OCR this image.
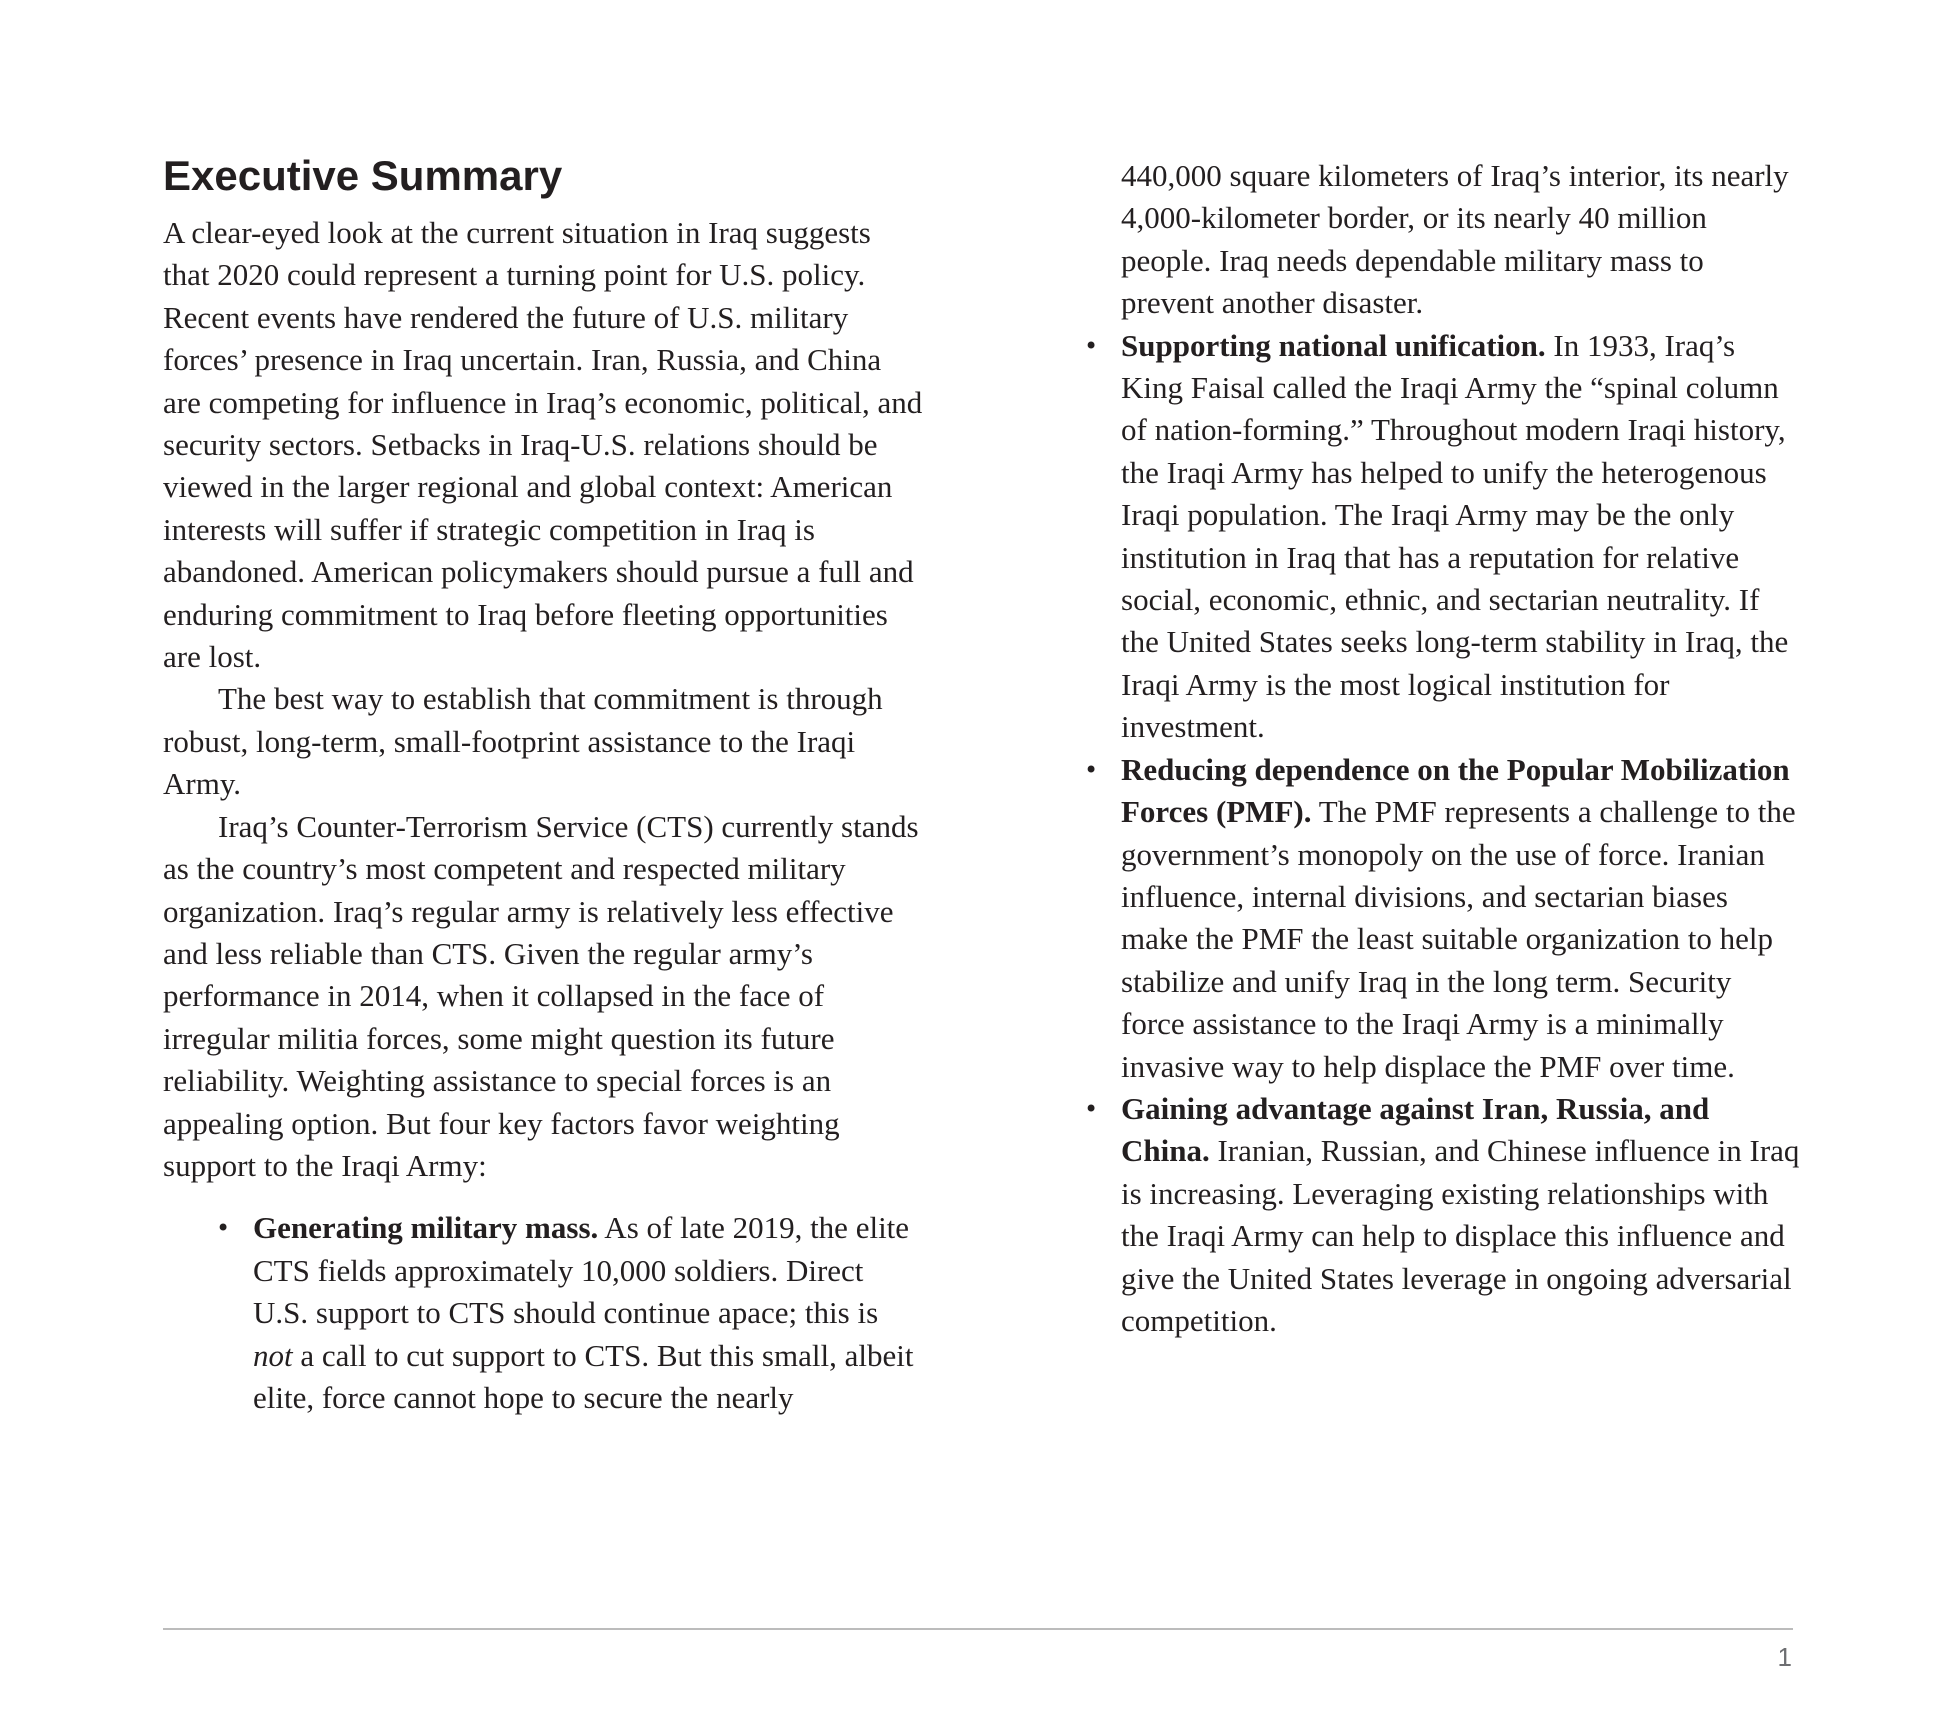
Executive Summary

A clear-eyed look at the current situation in Iraq suggests that 2020 could represent a turning point for U.S. policy. Recent events have rendered the future of U.S. military forces’ presence in Iraq uncertain. Iran, Russia, and China are competing for influence in Iraq’s economic, political, and security sectors. Setbacks in Iraq-U.S. relations should be viewed in the larger regional and global context: American interests will suffer if strategic competition in Iraq is abandoned. American policymakers should pursue a full and enduring commitment to Iraq before fleeting opportunities are lost.

The best way to establish that commitment is through robust, long-term, small-footprint assistance to the Iraqi Army.

Iraq’s Counter-Terrorism Service (CTS) currently stands as the country’s most competent and respected military organization. Iraq’s regular army is relatively less effective and less reliable than CTS. Given the regular army’s performance in 2014, when it collapsed in the face of irregular militia forces, some might question its future reliability. Weighting assistance to special forces is an appealing option. But four key factors favor weighting support to the Iraqi Army:

• Generating military mass. As of late 2019, the elite CTS fields approximately 10,000 soldiers. Direct U.S. support to CTS should continue apace; this is not a call to cut support to CTS. But this small, albeit elite, force cannot hope to secure the nearly

440,000 square kilometers of Iraq’s interior, its nearly 4,000-kilometer border, or its nearly 40 million people. Iraq needs dependable military mass to prevent another disaster.

• Supporting national unification. In 1933, Iraq’s King Faisal called the Iraqi Army the “spinal column of nation-forming.” Throughout modern Iraqi history, the Iraqi Army has helped to unify the heterogenous Iraqi population. The Iraqi Army may be the only institution in Iraq that has a reputation for relative social, economic, ethnic, and sectarian neutrality. If the United States seeks long-term stability in Iraq, the Iraqi Army is the most logical institution for investment.
• Reducing dependence on the Popular Mobilization Forces (PMF). The PMF represents a challenge to the government’s monopoly on the use of force. Iranian influence, internal divisions, and sectarian biases make the PMF the least suitable organization to help stabilize and unify Iraq in the long term. Security force assistance to the Iraqi Army is a minimally invasive way to help displace the PMF over time.
• Gaining advantage against Iran, Russia, and China. Iranian, Russian, and Chinese influence in Iraq is increasing. Leveraging existing relationships with the Iraqi Army can help to displace this influence and give the United States leverage in ongoing adversarial competition.
1
